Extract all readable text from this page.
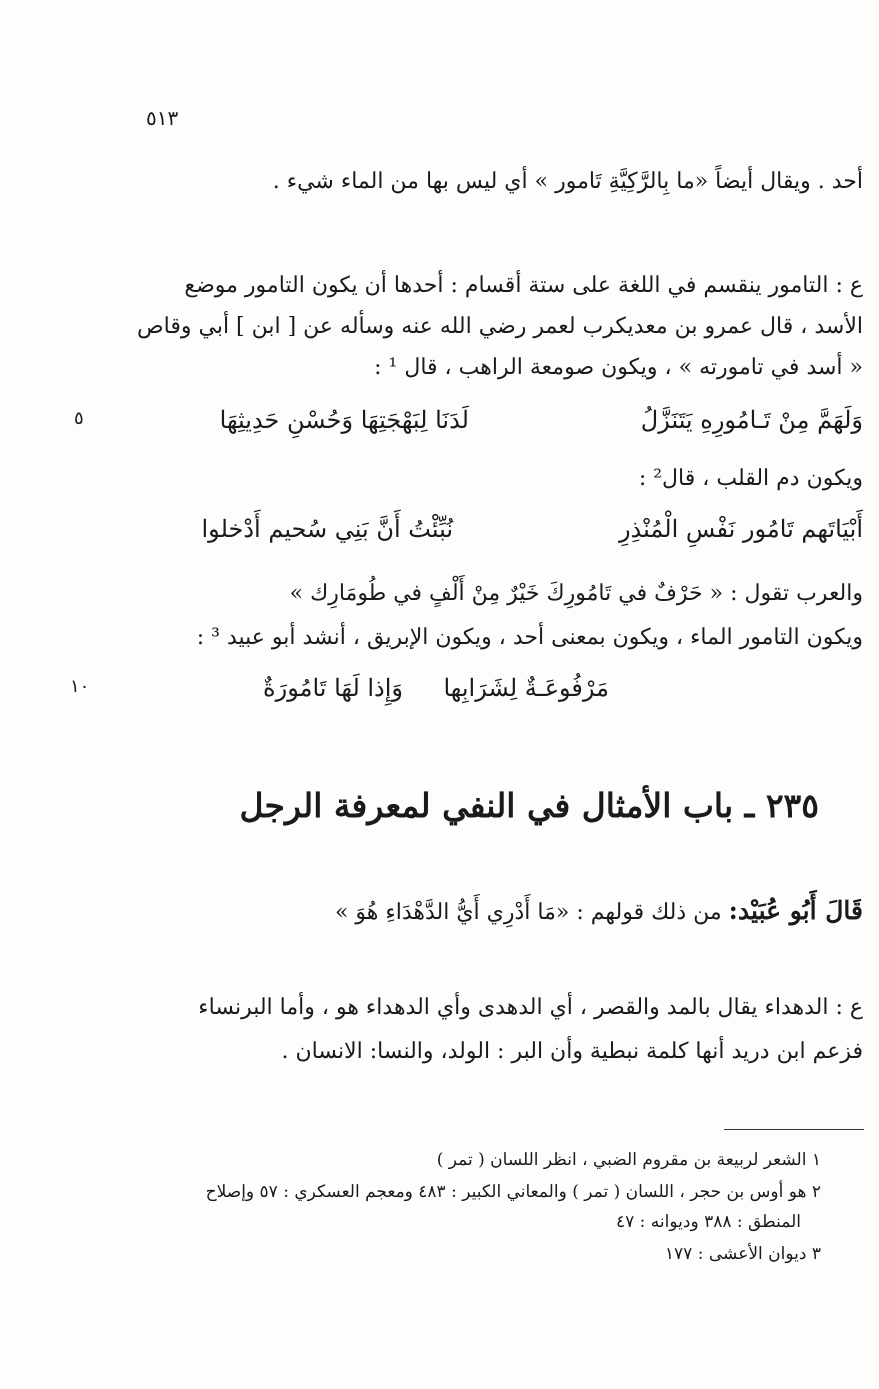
٥١٣
أحد . ويقال أيضاً «ما بِالرَّكِيَّةِ تَامور » أي ليس بها من الماء شيء .
ع : التامور ينقسم في اللغة على ستة أقسام : أحدها أن يكون التامور موضع
الأسد ، قال عمرو بن معديكرب لعمر رضي الله عنه وسأله عن [ ابن ] أبي وقاص
« أسد في تامورته » ، ويكون صومعة الراهب ، قال ¹ :
لَدَنَا لِبَهْجَتِهَا وَحُسْنِ حَدِيثِهَا	وَلَهَمَّ مِنْ تَـامُورِهِ يَتَنَزَّلُ
٥
ويكون دم القلب ، قال² :
نُبِّئْتُ أَنَّ بَنِي سُحيم أَدْخلوا	أَبْيَاتَهم تَامُور نَفْسِ الْمُنْذِرِ
والعرب تقول : « حَرْفٌ في تَامُورِكَ خَيْرٌ مِنْ أَلْفٍ في طُومَارِك »
ويكون التامور الماء ، ويكون بمعنى أحد ، ويكون الإبريق ، أنشد أبو عبيد ³ :
وَإِذا لَهَا تَامُورَةٌ مَرْفُوعَـةٌ لِشَرَابِها
١٠
٢٣٥ ـ باب الأمثال في النفي لمعرفة الرجل
قَالَ أَبُو عُبَيْد: من ذلك قولهم : «مَا أَدْرِي أَيُّ الدَّهْدَاءِ هُوَ »
ع : الدهداء يقال بالمد والقصر ، أي الدهدى وأي الدهداء هو ، وأما البرنساء
فزعم ابن دريد أنها كلمة نبطية وأن البر : الولد، والنسا: الانسان .
١ الشعر لربيعة بن مقروم الضبي ، انظر اللسان ( تمر )
٢ هو أوس بن حجر ، اللسان ( تمر ) والمعاني الكبير : ٤٨٣ ومعجم العسكري : ٥٧ وإصلاح
المنطق : ٣٨٨ وديوانه : ٤٧
٣ ديوان الأعشى : ١٧٧
